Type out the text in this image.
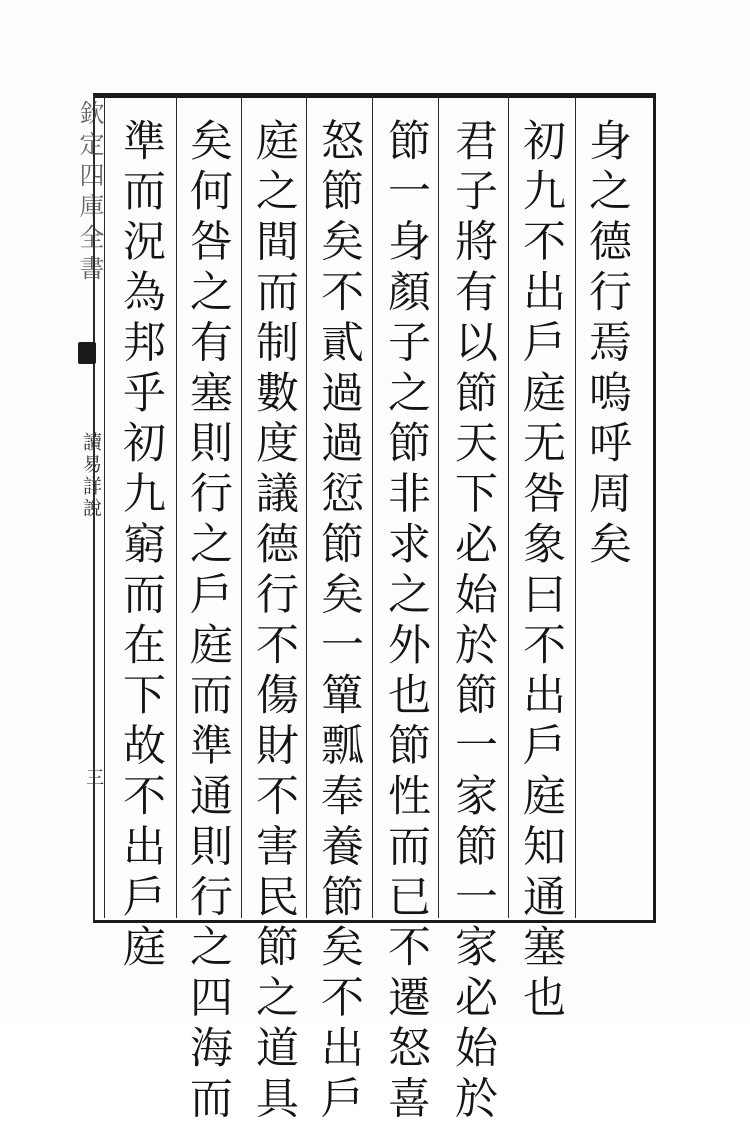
欽定四庫全書
讀易詳說
三
身之德行焉嗚呼周矣
初九不出戶庭无咎象曰不出戶庭知通塞也
君子將有以節天下必始於節一家節一家必始於
節一身顏子之節非求之外也節性而已不遷怒喜
怒節矣不貳過過愆節矣一簞瓢奉養節矣不出戶
庭之間而制數度議德行不傷財不害民節之道具
矣何咎之有塞則行之戶庭而準通則行之四海而
準而況為邦乎初九窮而在下故不出戶庭
